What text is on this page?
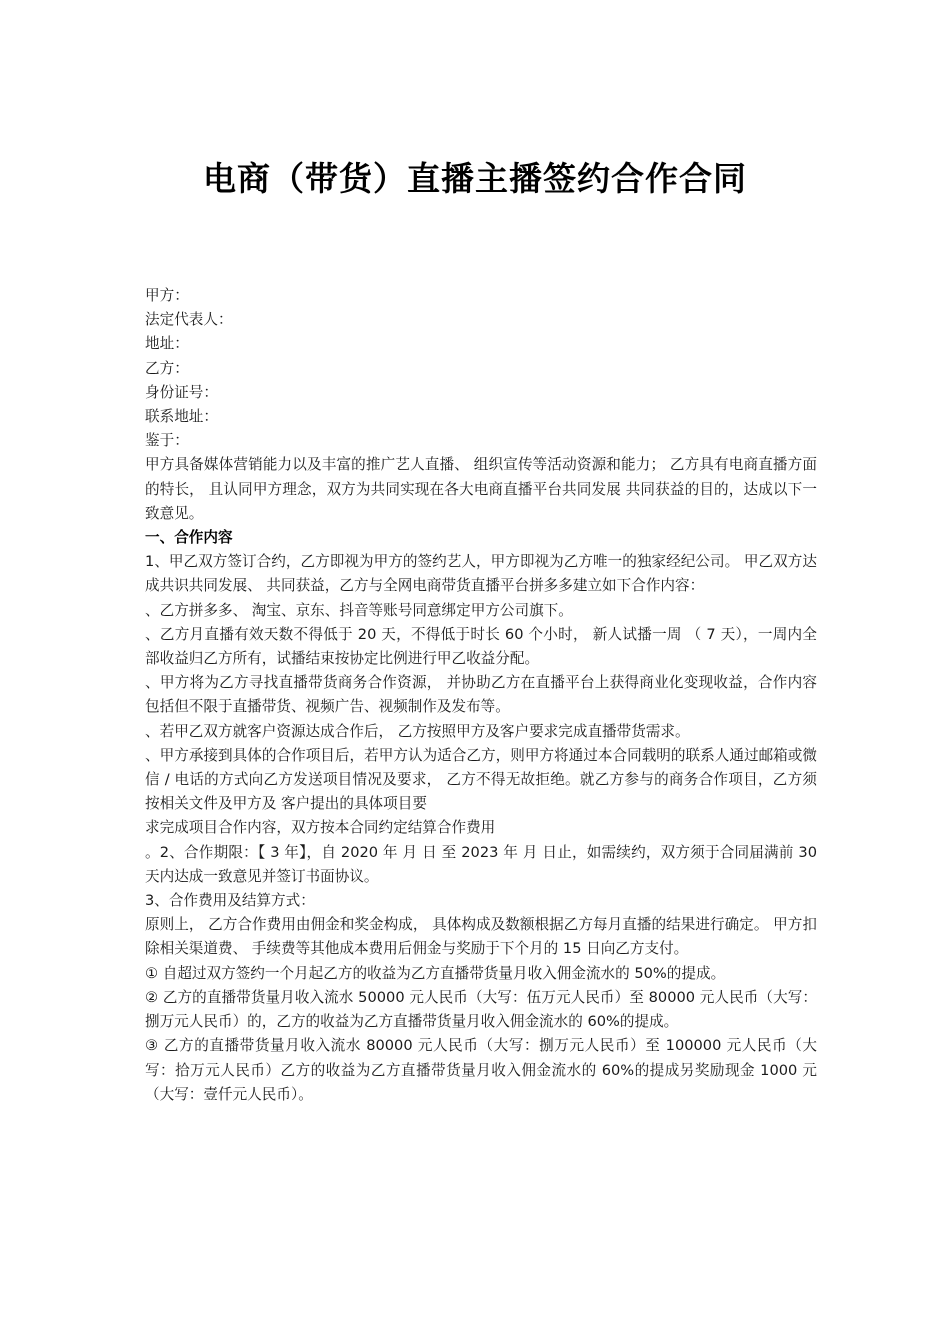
电商（带货）直播主播签约合作合同
甲方：
法定代表人：
地址：
乙方：
身份证号：
联系地址：
鉴于：
甲方具备媒体营销能力以及丰富的推广艺人直播、 组织宣传等活动资源和能力； 乙方具有电商直播方面的特长， 且认同甲方理念，双方为共同实现在各大电商直播平台共同发展 共同获益的目的，达成以下一致意见。
一、合作内容
1、甲乙双方签订合约，乙方即视为甲方的签约艺人，甲方即视为乙方唯一的独家经纪公司。 甲乙双方达成共识共同发展、 共同获益，乙方与全网电商带货直播平台拼多多建立如下合作内容：
、乙方拼多多、 淘宝、京东、抖音等账号同意绑定甲方公司旗下。
、乙方月直播有效天数不得低于 20 天，不得低于时长 60 个小时， 新人试播一周 （ 7 天），一周内全部收益归乙方所有，试播结束按协定比例进行甲乙收益分配。
、甲方将为乙方寻找直播带货商务合作资源， 并协助乙方在直播平台上获得商业化变现收益，合作内容包括但不限于直播带货、视频广告、视频制作及发布等。
、若甲乙双方就客户资源达成合作后， 乙方按照甲方及客户要求完成直播带货需求。
、甲方承接到具体的合作项目后，若甲方认为适合乙方，则甲方将通过本合同载明的联系人通过邮箱或微信 / 电话的方式向乙方发送项目情况及要求， 乙方不得无故拒绝。就乙方参与的商务合作项目，乙方须按相关文件及甲方及 客户提出的具体项目要
求完成项目合作内容，双方按本合同约定结算合作费用
。2、合作期限：【 3 年】，自 2020 年 月 日 至 2023 年 月 日止，如需续约，双方须于合同届满前 30 天内达成一致意见并签订书面协议。
3、合作费用及结算方式：
原则上， 乙方合作费用由佣金和奖金构成， 具体构成及数额根据乙方每月直播的结果进行确定。 甲方扣除相关渠道费、 手续费等其他成本费用后佣金与奖励于下个月的 15 日向乙方支付。
① 自超过双方签约一个月起乙方的收益为乙方直播带货量月收入佣金流水的 50%的提成。
② 乙方的直播带货量月收入流水 50000 元人民币（大写：伍万元人民币）至 80000 元人民币（大写：捌万元人民币）的，乙方的收益为乙方直播带货量月收入佣金流水的 60%的提成。
③ 乙方的直播带货量月收入流水 80000 元人民币（大写：捌万元人民币）至 100000 元人民币（大写：拾万元人民币）乙方的收益为乙方直播带货量月收入佣金流水的 60%的提成另奖励现金 1000 元（大写：壹仟元人民币）。
